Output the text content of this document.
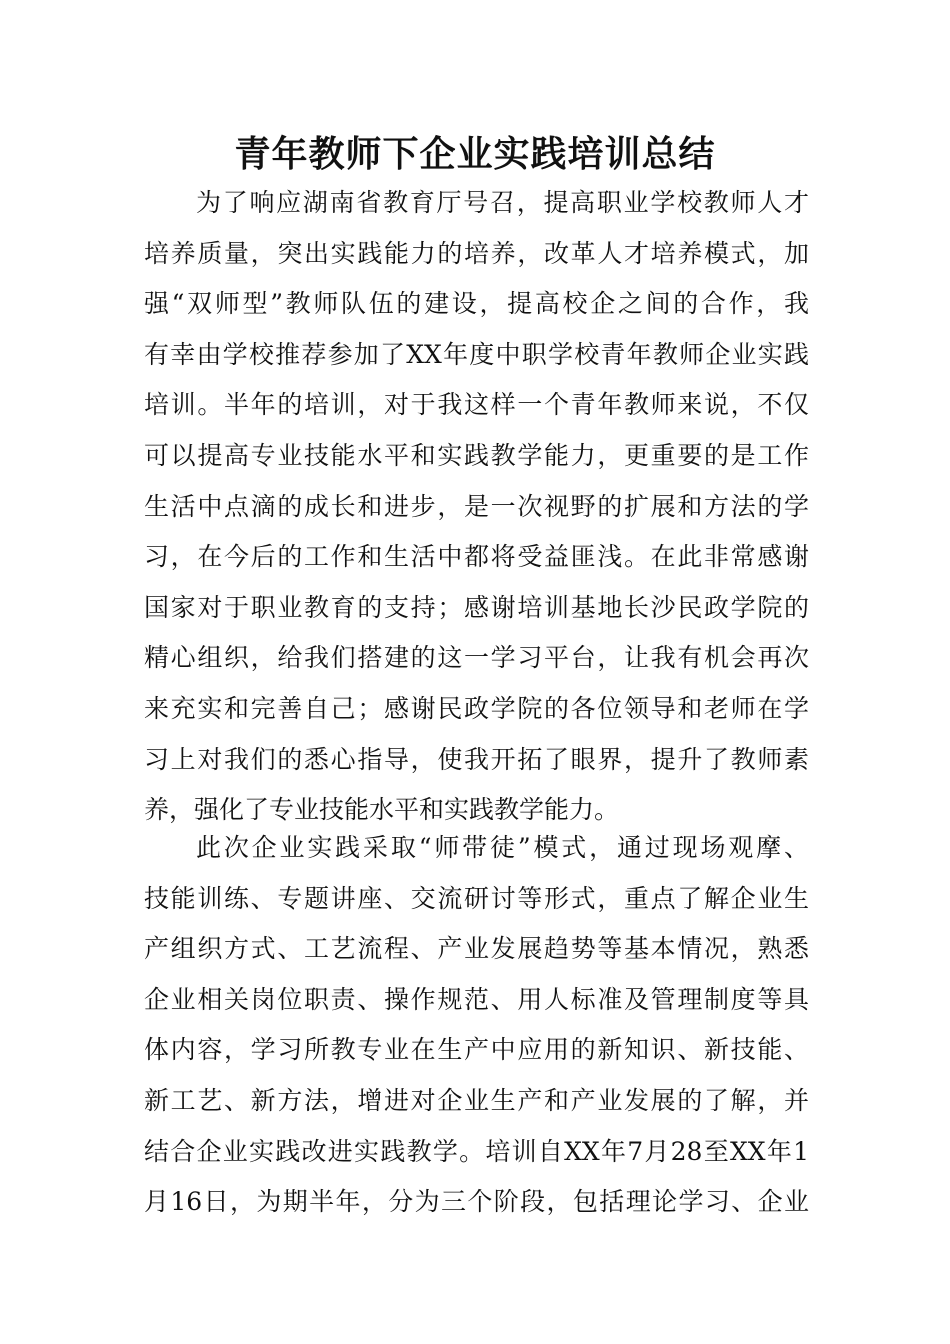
青年教师下企业实践培训总结
为了响应湖南省教育厅号召，提高职业学校教师人才
培养质量，突出实践能力的培养，改革人才培养模式，加
强“双师型”教师队伍的建设，提高校企之间的合作，我
有幸由学校推荐参加了XX年度中职学校青年教师企业实践
培训。半年的培训，对于我这样一个青年教师来说，不仅
可以提高专业技能水平和实践教学能力，更重要的是工作
生活中点滴的成长和进步，是一次视野的扩展和方法的学
习，在今后的工作和生活中都将受益匪浅。在此非常感谢
国家对于职业教育的支持；感谢培训基地长沙民政学院的
精心组织，给我们搭建的这一学习平台，让我有机会再次
来充实和完善自己；感谢民政学院的各位领导和老师在学
习上对我们的悉心指导，使我开拓了眼界，提升了教师素
养，强化了专业技能水平和实践教学能力。
此次企业实践采取“师带徒”模式，通过现场观摩、
技能训练、专题讲座、交流研讨等形式，重点了解企业生
产组织方式、工艺流程、产业发展趋势等基本情况，熟悉
企业相关岗位职责、操作规范、用人标准及管理制度等具
体内容，学习所教专业在生产中应用的新知识、新技能、
新工艺、新方法，增进对企业生产和产业发展的了解，并
结合企业实践改进实践教学。培训自XX年7月28至XX年1
月16日，为期半年，分为三个阶段，包括理论学习、企业
